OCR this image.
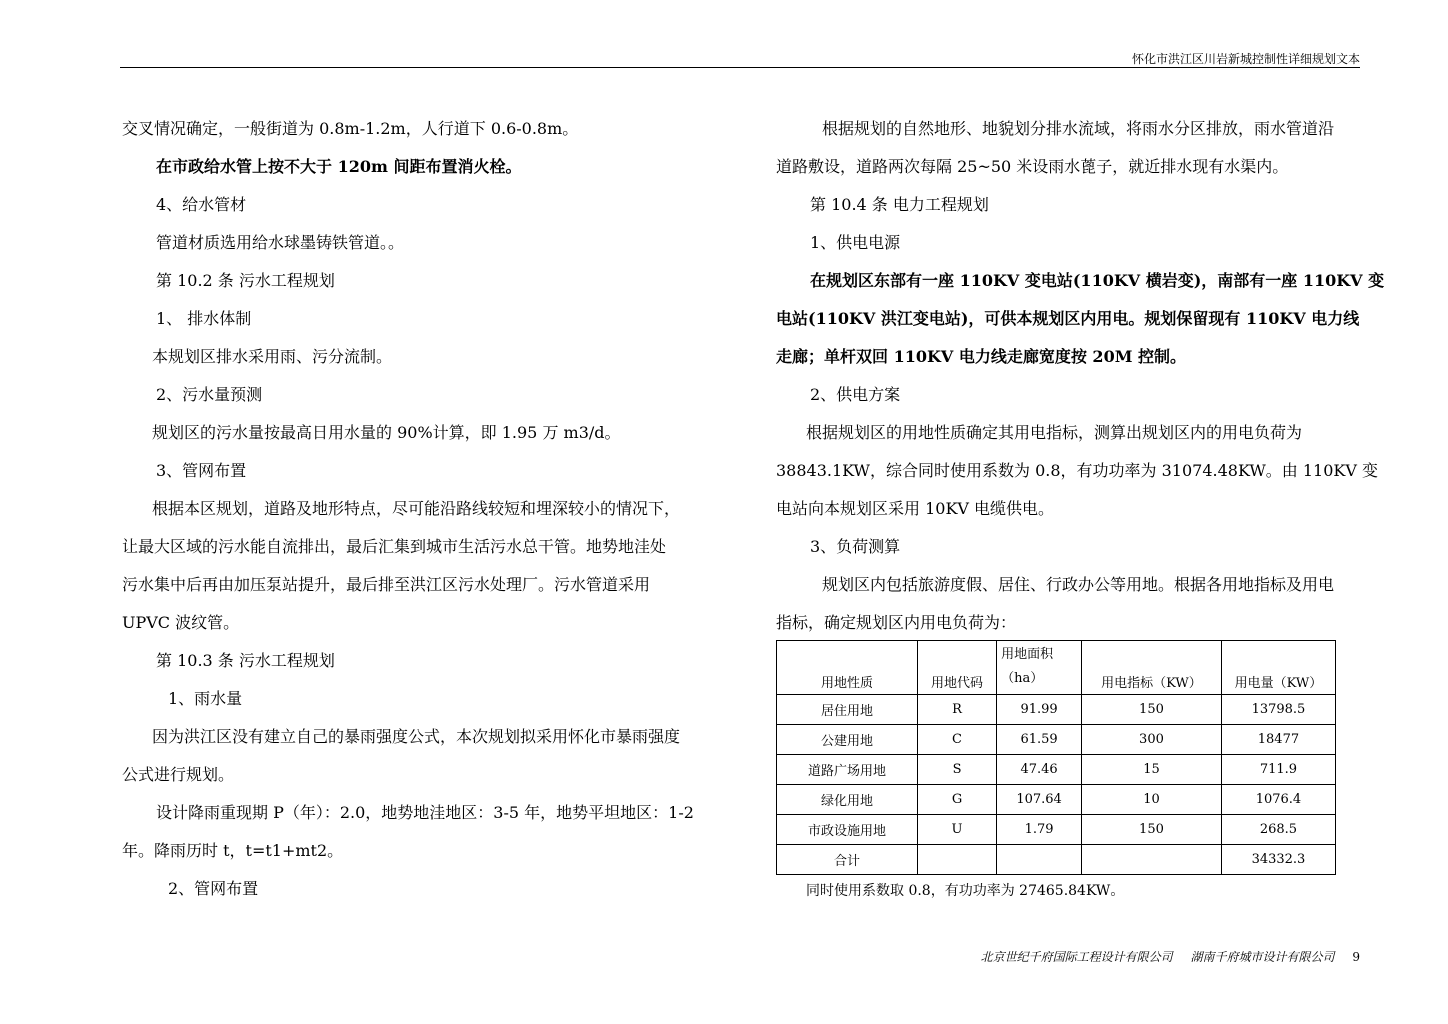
怀化市洪江区川岩新城控制性详细规划文本
交叉情况确定，一般街道为 0.8m-1.2m，人行道下 0.6-0.8m。
在市政给水管上按不大于 120m 间距布置消火栓。
4、给水管材
管道材质选用给水球墨铸铁管道。。
第 10.2 条 污水工程规划
1、 排水体制
本规划区排水采用雨、污分流制。
2、污水量预测
规划区的污水量按最高日用水量的 90%计算，即 1.95 万 m3/d。
3、管网布置
根据本区规划，道路及地形特点，尽可能沿路线较短和埋深较小的情况下，
让最大区域的污水能自流排出，最后汇集到城市生活污水总干管。地势地洼处
污水集中后再由加压泵站提升，最后排至洪江区污水处理厂。污水管道采用
UPVC 波纹管。
第 10.3 条 污水工程规划
1、雨水量
因为洪江区没有建立自己的暴雨强度公式，本次规划拟采用怀化市暴雨强度
公式进行规划。
设计降雨重现期 P（年）：2.0，地势地洼地区：3-5 年，地势平坦地区：1-2
年。降雨历时 t，t=t1+mt2。
2、管网布置
根据规划的自然地形、地貌划分排水流域，将雨水分区排放，雨水管道沿
道路敷设，道路两次每隔 25~50 米设雨水蓖子，就近排水现有水渠内。
第 10.4 条 电力工程规划
1、供电电源
在规划区东部有一座 110KV 变电站(110KV 横岩变)，南部有一座 110KV 变
电站(110KV 洪江变电站)，可供本规划区内用电。规划保留现有 110KV 电力线
走廊；单杆双回 110KV 电力线走廊宽度按 20M 控制。
2、供电方案
根据规划区的用地性质确定其用电指标，测算出规划区内的用电负荷为
38843.1KW，综合同时使用系数为 0.8，有功功率为 31074.48KW。由 110KV 变
电站向本规划区采用 10KV 电缆供电。
3、负荷测算
规划区内包括旅游度假、居住、行政办公等用地。根据各用地指标及用电
指标，确定规划区内用电负荷为：
用地性质	用地代码	用地面积
（ha）	用电指标（KW）	用电量（KW）
居住用地	R	91.99	150	13798.5
公建用地	C	61.59	300	18477
道路广场用地	S	47.46	15	711.9
绿化用地	G	107.64	10	1076.4
市政设施用地	U	1.79	150	268.5
合计				34332.3
同时使用系数取 0.8，有功功率为 27465.84KW。
北京世纪千府国际工程设计有限公司 湖南千府城市设计有限公司 9
